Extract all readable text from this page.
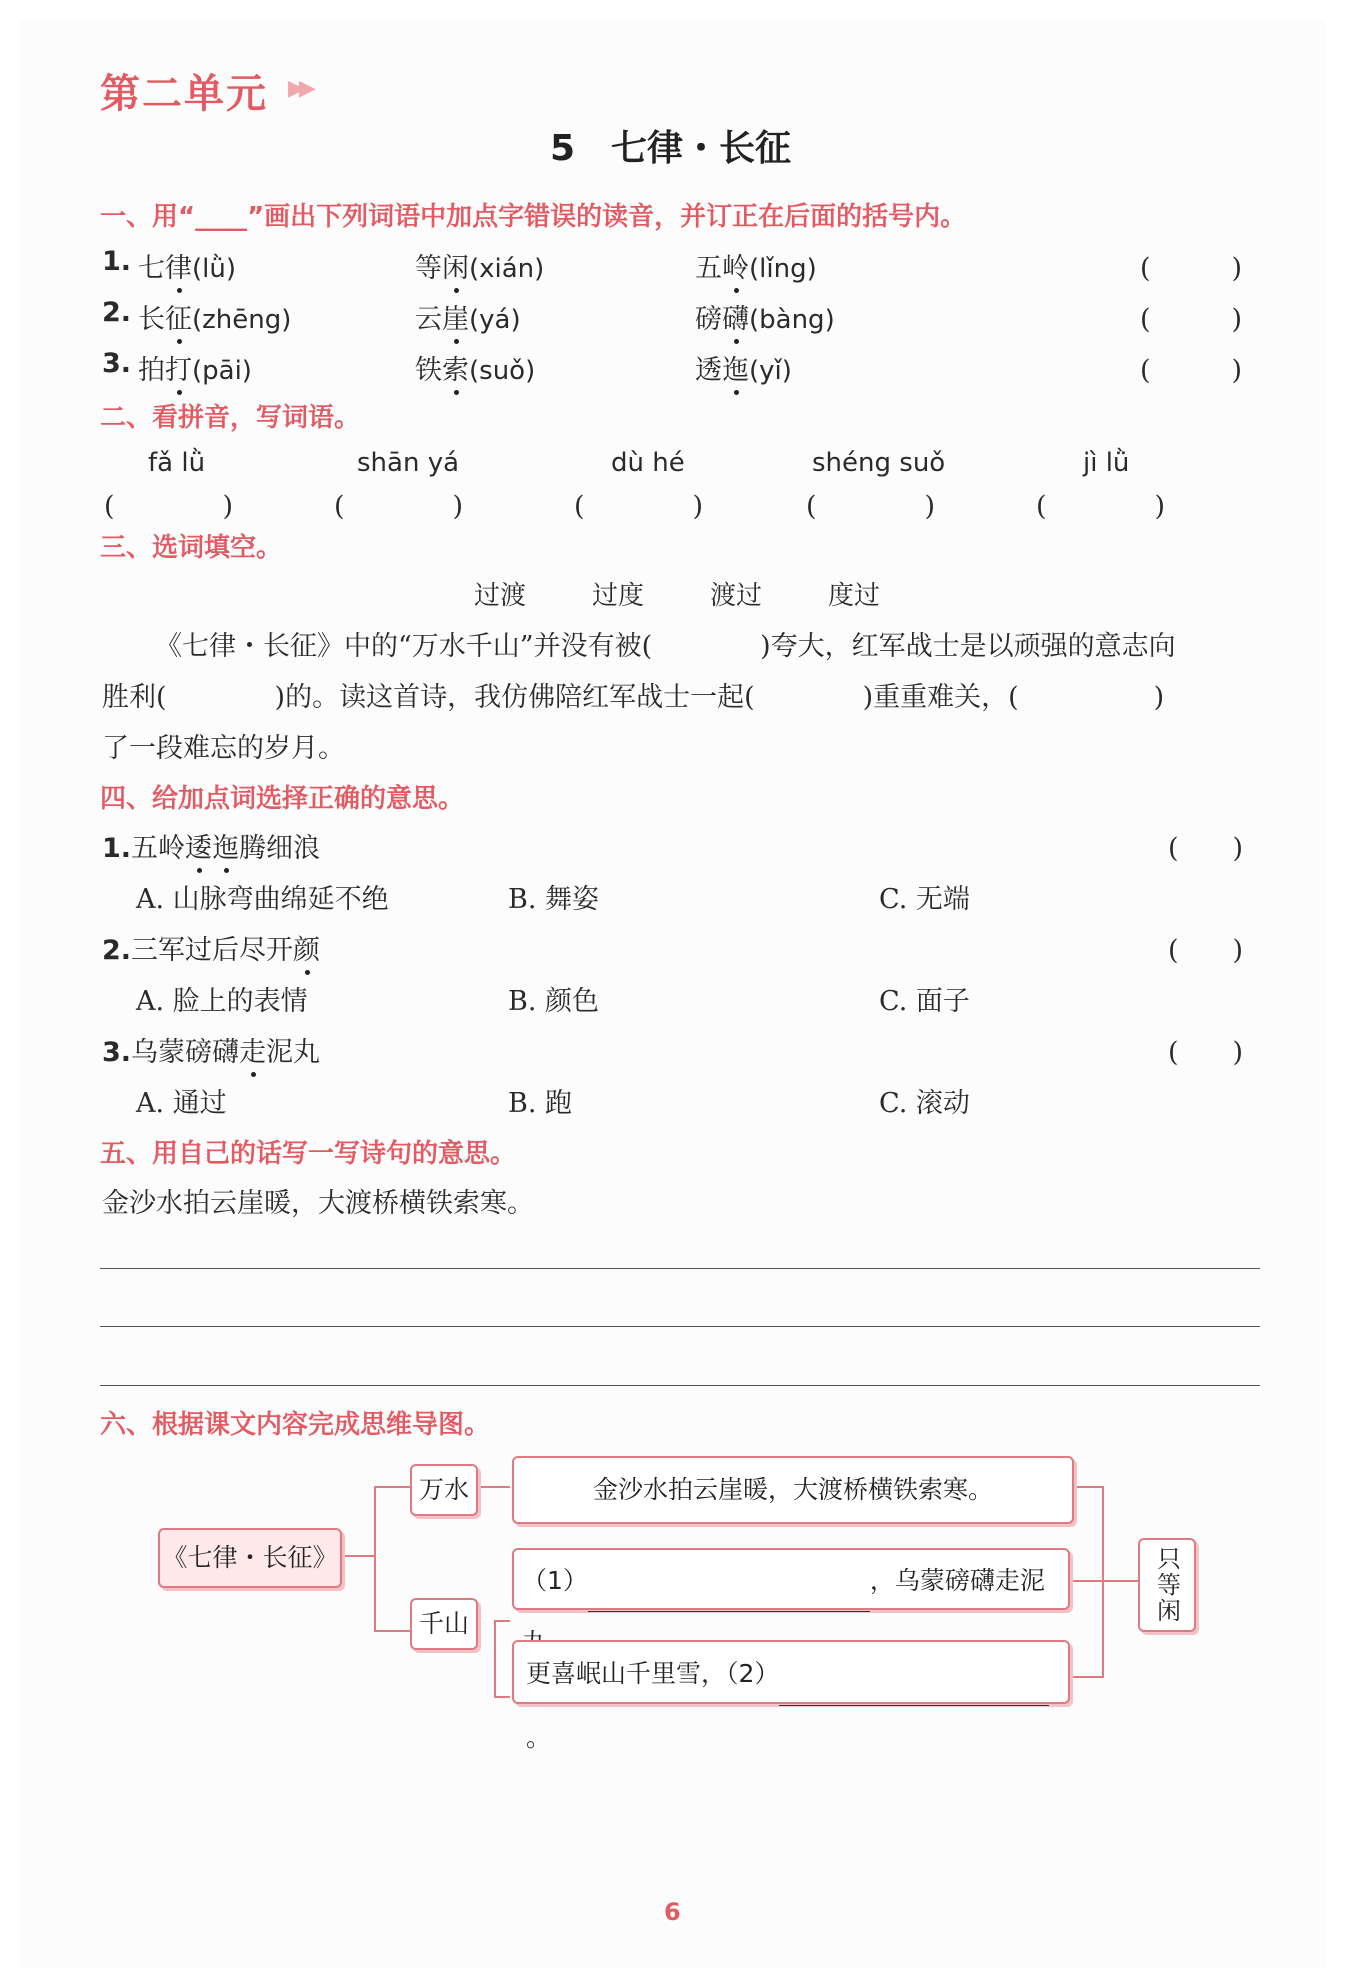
第二单元 ▶▶
5　七律・长征
一、用“____”画出下列词语中加点字错误的读音，并订正在后面的括号内。
1. 七律(lǜ)	等闲(xián)	五岭(lǐng)	(　　　)
2. 长征(zhēng)	云崖(yá)	磅礴(bàng)	(　　　)
3. 拍打(pāi)	铁索(suǒ)	透迤(yǐ)	(　　　)
二、看拼音，写词语。
fǎ lǜ	shān yá	dù hé	shéng suǒ	jì lǜ
(　　　　)	(　　　　)	(　　　　)	(　　　　)	(　　　　)
三、选词填空。
过渡	过度	渡过	度过
《七律・长征》中的“万水千山”并没有被(　　　　)夸大，红军战士是以顽强的意志向
胜利(　　　　)的。读这首诗，我仿佛陪红军战士一起(　　　　)重重难关，(　　　　　)
了一段难忘的岁月。
四、给加点词选择正确的意思。
1.五岭逶迤腾细浪	(　　)
A. 山脉弯曲绵延不绝	B. 舞姿	C. 无端
2.三军过后尽开颜	(　　)
A. 脸上的表情	B. 颜色	C. 面子
3.乌蒙磅礴走泥丸	(　　)
A. 通过	B. 跑	C. 滚动
五、用自己的话写一写诗句的意思。
金沙水拍云崖暖，大渡桥横铁索寒。
六、根据课文内容完成思维导图。
《七律・长征》
万水
千山
金沙水拍云崖暖，大渡桥横铁索寒。
（1）	，乌蒙磅礴走泥
更喜岷山千里雪，（2）。
只等闲
6
